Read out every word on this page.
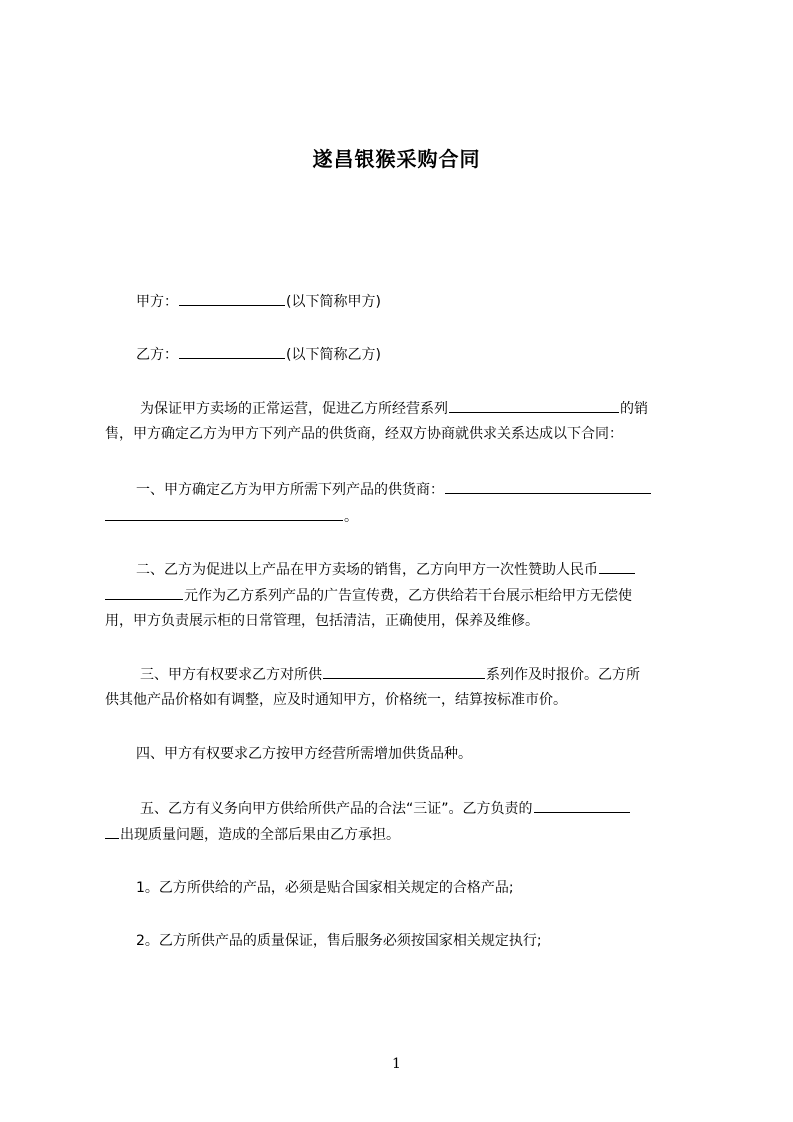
遂昌银猴采购合同
甲方：	(以下简称甲方)
乙方：	(以下简称乙方)
为保证甲方卖场的正常运营，促进乙方所经营系列	的销
售，甲方确定乙方为甲方下列产品的供货商，经双方协商就供求关系达成以下合同：
一、甲方确定乙方为甲方所需下列产品的供货商：
。
二、乙方为促进以上产品在甲方卖场的销售，乙方向甲方一次性赞助人民币
元作为乙方系列产品的广告宣传费，乙方供给若干台展示柜给甲方无偿使
用，甲方负责展示柜的日常管理，包括清洁，正确使用，保养及维修。
三、甲方有权要求乙方对所供	系列作及时报价。乙方所
供其他产品价格如有调整，应及时通知甲方，价格统一，结算按标准市价。
四、甲方有权要求乙方按甲方经营所需增加供货品种。
五、乙方有义务向甲方供给所供产品的合法“三证”。乙方负责的
出现质量问题，造成的全部后果由乙方承担。
1。乙方所供给的产品，必须是贴合国家相关规定的合格产品;
2。乙方所供产品的质量保证，售后服务必须按国家相关规定执行;
1
